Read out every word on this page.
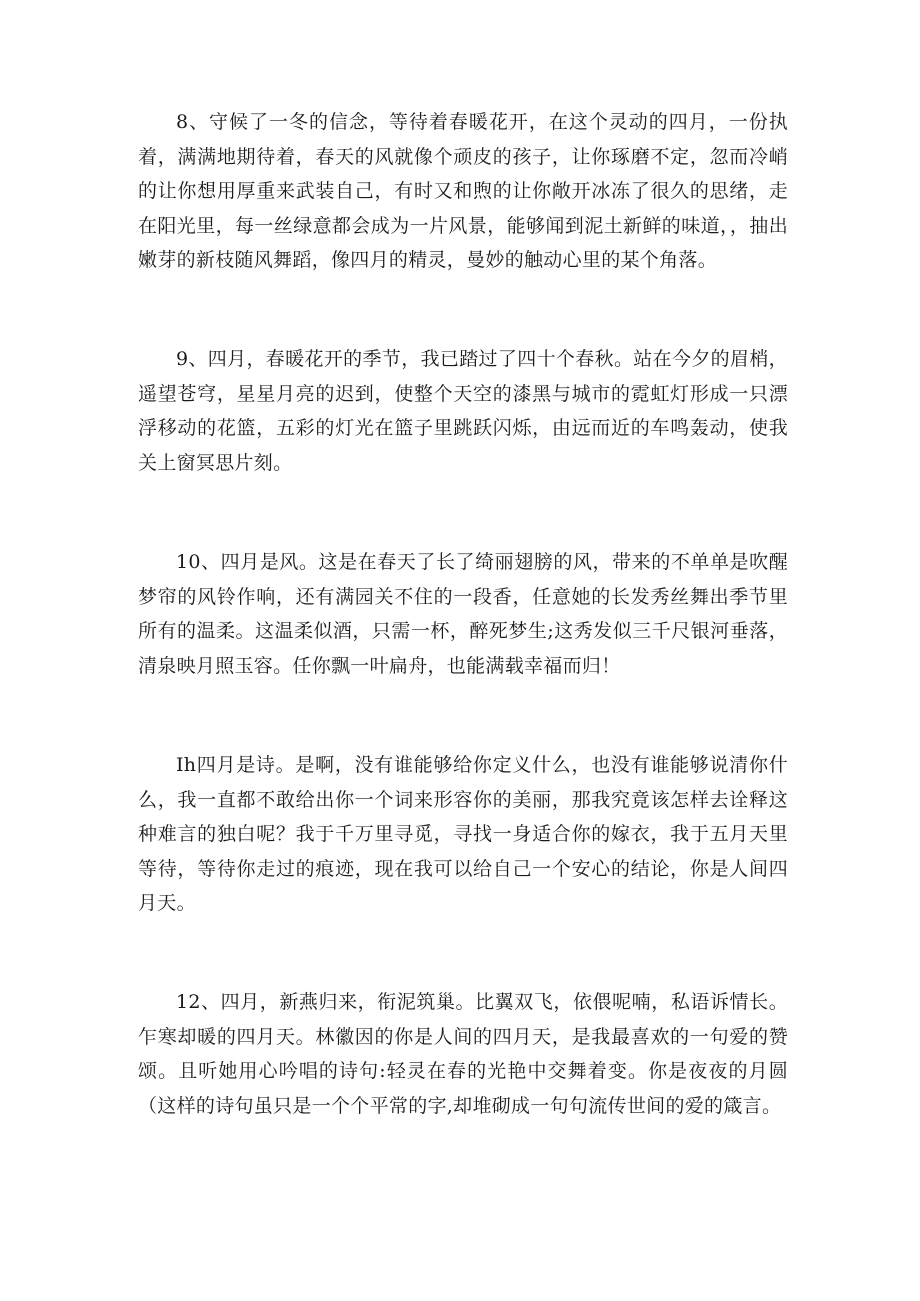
8、守候了一冬的信念，等待着春暖花开，在这个灵动的四月，一份执着，满满地期待着，春天的风就像个顽皮的孩子，让你琢磨不定，忽而冷峭的让你想用厚重来武装自己，有时又和煦的让你敞开冰冻了很久的思绪，走在阳光里，每一丝绿意都会成为一片风景，能够闻到泥土新鲜的味道，，抽出嫩芽的新枝随风舞蹈，像四月的精灵，曼妙的触动心里的某个角落。

9、四月，春暖花开的季节，我已踏过了四十个春秋。站在今夕的眉梢，遥望苍穹，星星月亮的迟到，使整个天空的漆黑与城市的霓虹灯形成一只漂浮移动的花篮，五彩的灯光在篮子里跳跃闪烁，由远而近的车鸣轰动，使我关上窗冥思片刻。

10、四月是风。这是在春天了长了绮丽翅膀的风，带来的不单单是吹醒梦帘的风铃作响，还有满园关不住的一段香，任意她的长发秀丝舞出季节里所有的温柔。这温柔似酒，只需一杯，醉死梦生;这秀发似三千尺银河垂落，清泉映月照玉容。任你飘一叶扁舟，也能满载幸福而归！

Ih四月是诗。是啊，没有谁能够给你定义什么，也没有谁能够说清你什么，我一直都不敢给出你一个词来形容你的美丽，那我究竟该怎样去诠释这种难言的独白呢？我于千万里寻觅，寻找一身适合你的嫁衣，我于五月天里等待，等待你走过的痕迹，现在我可以给自己一个安心的结论，你是人间四月天。

12、四月，新燕归来，衔泥筑巢。比翼双飞，依偎呢喃，私语诉情长。乍寒却暖的四月天。林徽因的你是人间的四月天，是我最喜欢的一句爱的赞颂。且听她用心吟唱的诗句:轻灵在春的光艳中交舞着变。你是夜夜的月圆（这样的诗句虽只是一个个平常的字,却堆砌成一句句流传世间的爱的箴言。
